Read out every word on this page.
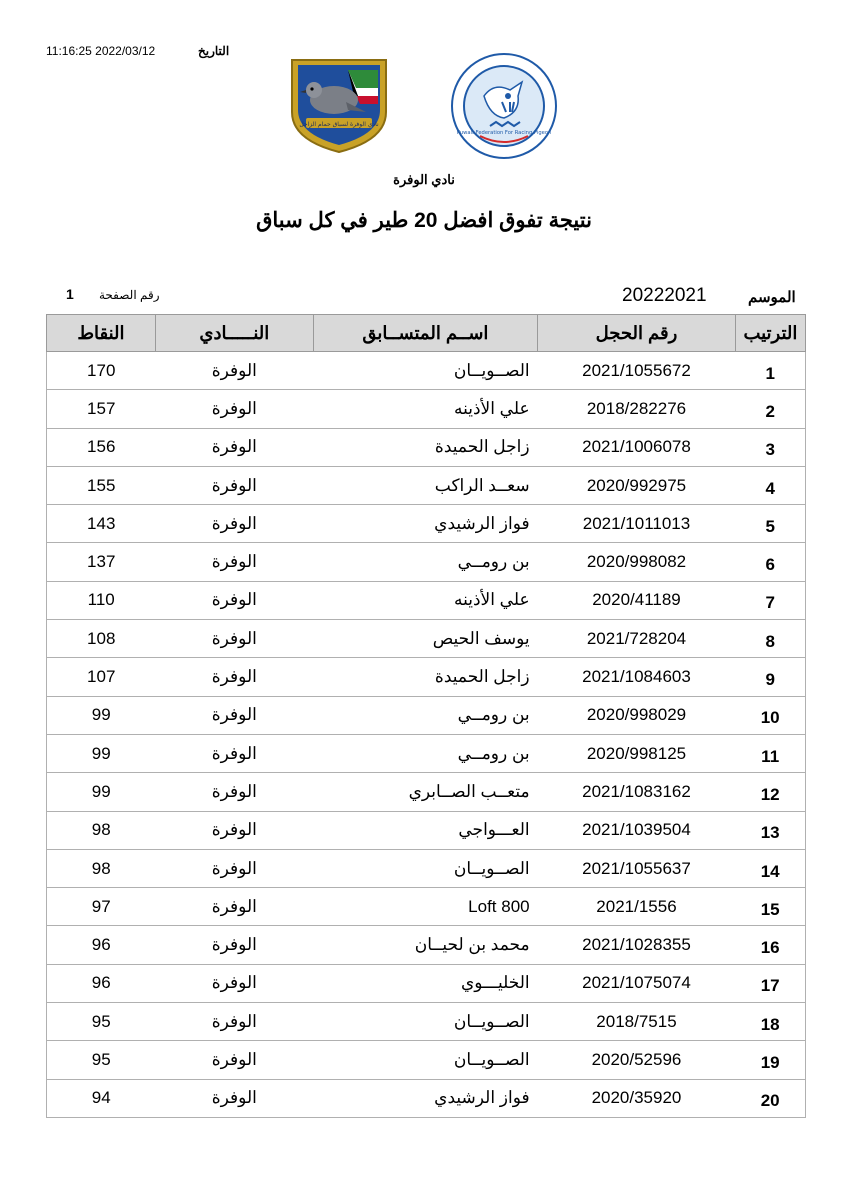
11:16:25 2022/03/12	التاريخ
نادي الوفرة لسباق حمام الزاجل
Kuwait Federation For Racing Pigeon
نادي الوفرة
نتيجة تفوق افضل 20 طير في كل سباق
الموسم
20222021
رقم الصفحة
1
النقاط	النـــــادي	اســم المتســابق	رقم الحجل	الترتيب
170	الوفرة	الصــويــان	2021/1055672	1
157	الوفرة	علي الأذينه	2018/282276	2
156	الوفرة	زاجل الحميدة	2021/1006078	3
155	الوفرة	سعــد الراكب	2020/992975	4
143	الوفرة	فواز الرشيدي	2021/1011013	5
137	الوفرة	بن رومــي	2020/998082	6
110	الوفرة	علي الأذينه	2020/41189	7
108	الوفرة	يوسف الحيص	2021/728204	8
107	الوفرة	زاجل الحميدة	2021/1084603	9
99	الوفرة	بن رومــي	2020/998029	10
99	الوفرة	بن رومــي	2020/998125	11
99	الوفرة	متعــب الصــابري	2021/1083162	12
98	الوفرة	العـــواجي	2021/1039504	13
98	الوفرة	الصــويــان	2021/1055637	14
97	الوفرة	Loft 800	2021/1556	15
96	الوفرة	محمد بن لحيــان	2021/1028355	16
96	الوفرة	الخليـــوي	2021/1075074	17
95	الوفرة	الصــويــان	2018/7515	18
95	الوفرة	الصــويــان	2020/52596	19
94	الوفرة	فواز الرشيدي	2020/35920	20
